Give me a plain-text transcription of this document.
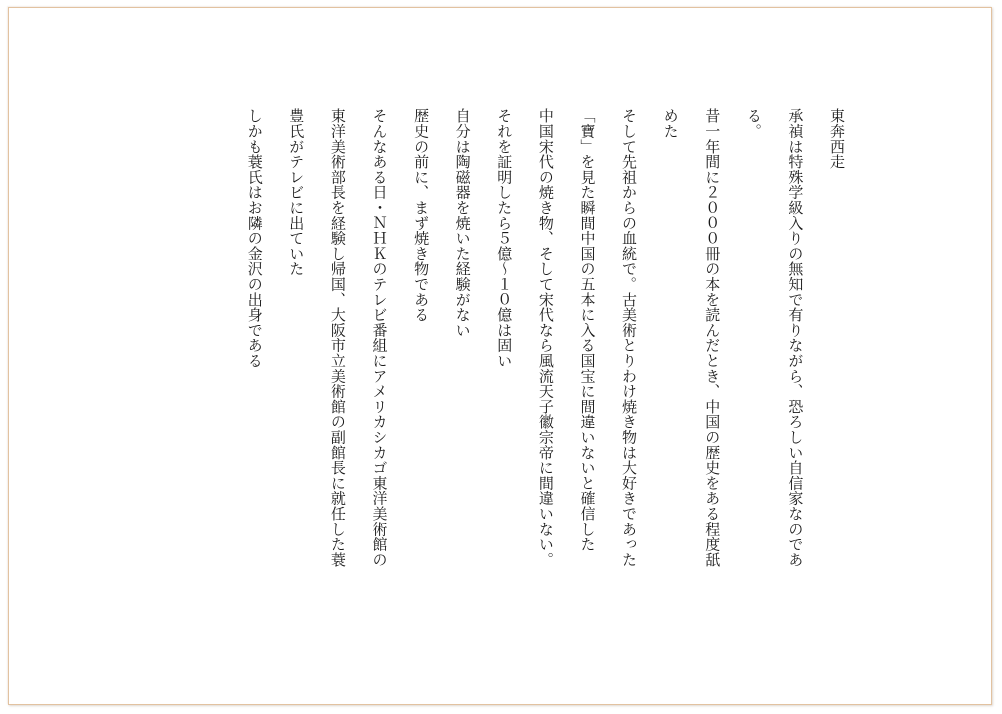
東奔西走
承禎は特殊学級入りの無知で有りながら、恐ろしい自信家なのであ
る。
昔一年間に２０００冊の本を読んだとき、中国の歴史をある程度舐
めた
そして先祖からの血統で。古美術とりわけ焼き物は大好きであった
「寶」を見た瞬間中国の五本に入る国宝に間違いないと確信した
中国宋代の焼き物、そして宋代なら風流天子徽宗帝に間違いない。
それを証明したら５億～１０億は固い
自分は陶磁器を焼いた経験がない
歴史の前に、まず焼き物である
そんなある日・ＮＨＫのテレビ番組にアメリカシカゴ東洋美術館の
東洋美術部長を経験し帰国、大阪市立美術館の副館長に就任した蓑
豊氏がテレビに出ていた
しかも蓑氏はお隣の金沢の出身である
